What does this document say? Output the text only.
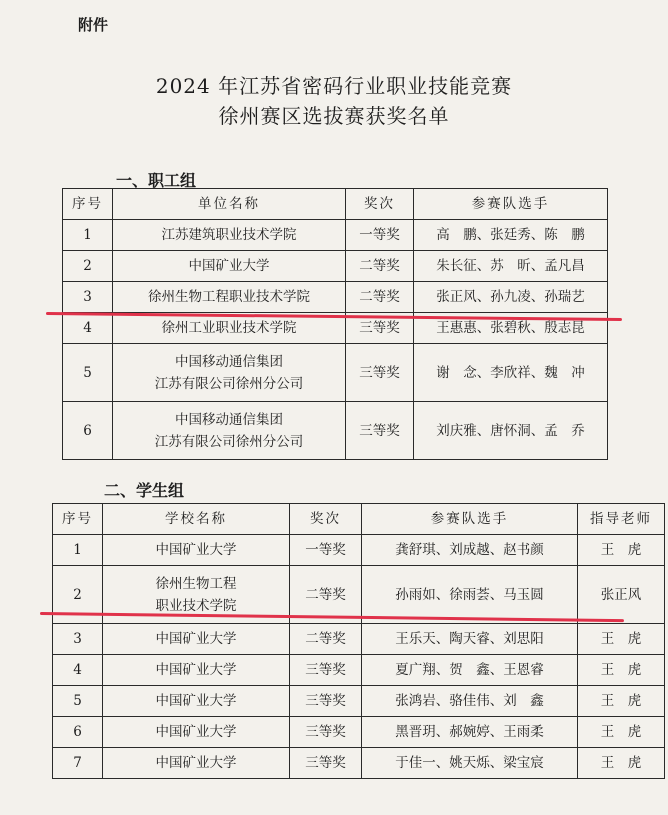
附件
2024 年江苏省密码行业职业技能竞赛
徐州赛区选拔赛获奖名单
一、职工组
序号	单位名称	奖次	参赛队选手
1	江苏建筑职业技术学院	一等奖	高　鹏、张廷秀、陈　鹏
2	中国矿业大学	二等奖	朱长征、苏　昕、孟凡昌
3	徐州生物工程职业技术学院	二等奖	张正风、孙九凌、孙瑞艺
4	徐州工业职业技术学院	三等奖	王惠惠、张碧秋、殷志昆
5	中国移动通信集团
江苏有限公司徐州分公司	三等奖	谢　念、李欣祥、魏　冲
6	中国移动通信集团
江苏有限公司徐州分公司	三等奖	刘庆雅、唐怀洞、孟　乔
二、学生组
序号	学校名称	奖次	参赛队选手	指导老师
1	中国矿业大学	一等奖	龚舒琪、刘成越、赵书颜	王　虎
2	徐州生物工程
职业技术学院	二等奖	孙雨如、徐雨荟、马玉圆	张正风
3	中国矿业大学	二等奖	王乐天、陶天睿、刘思阳	王　虎
4	中国矿业大学	三等奖	夏广翔、贺　鑫、王恩睿	王　虎
5	中国矿业大学	三等奖	张鸿岩、骆佳伟、刘　鑫	王　虎
6	中国矿业大学	三等奖	黑晋玥、郝婉婷、王雨柔	王　虎
7	中国矿业大学	三等奖	于佳一、姚天烁、梁宝宸	王　虎
